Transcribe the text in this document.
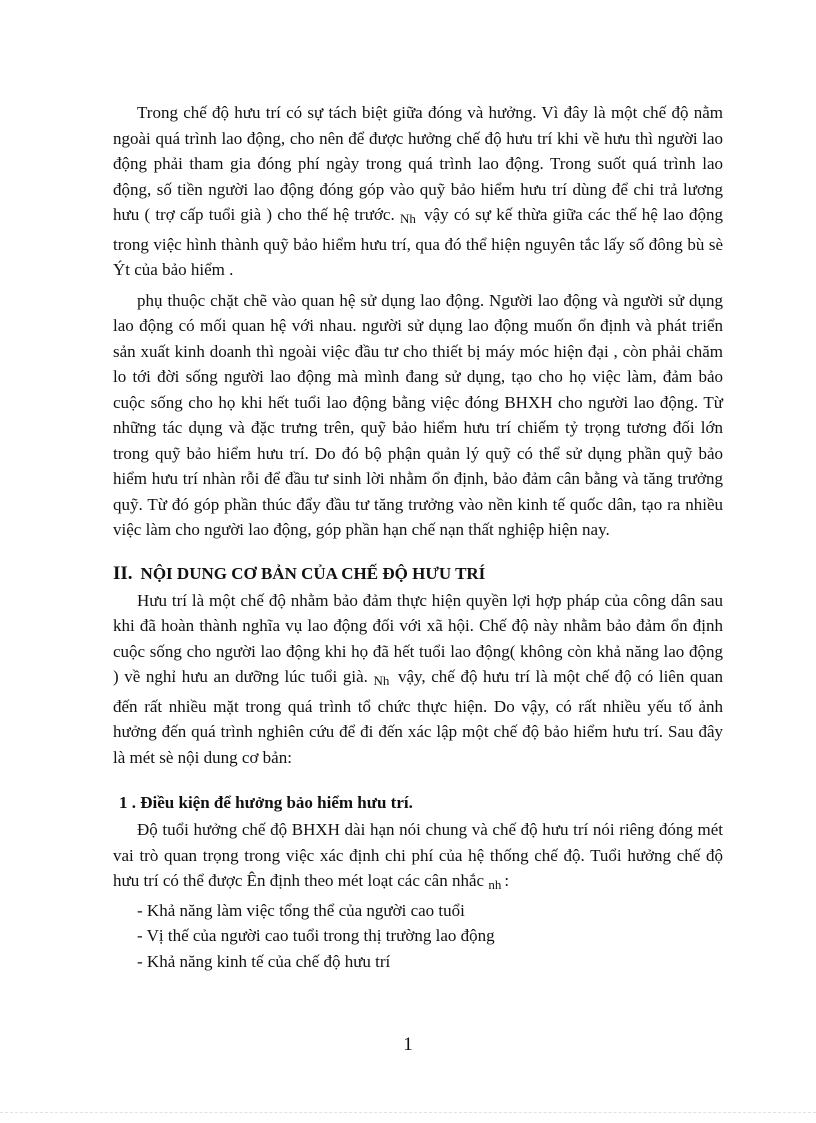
Trong chế độ hưu trí có sự tách biệt giữa đóng và hưởng. Vì đây là một chế độ nằm ngoài quá trình lao động, cho nên để được hưởng chế độ hưu trí khi về hưu thì người lao động phải tham gia đóng phí ngày trong quá trình lao động. Trong suốt quá trình lao động, số tiền người lao động đóng góp vào quỹ bảo hiểm hưu trí dùng để chi trả lương hưu ( trợ cấp tuổi già ) cho thế hệ trước. $_{Nh}$ vậy có sự kế thừa giữa các thế hệ lao động trong việc hình thành quỹ bảo hiểm hưu trí, qua đó thể hiện nguyên tắc lấy số đông bù sè Ýt của bảo hiểm .

phụ thuộc chặt chẽ vào quan hệ sử dụng lao động. Người lao động và người sử dụng lao động có mối quan hệ với nhau. người sử dụng lao động muốn ổn định và phát triển sản xuất kinh doanh thì ngoài việc đầu tư cho thiết bị máy móc hiện đại , còn phải chăm lo tới đời sống người lao động mà mình đang sử dụng, tạo cho họ việc làm, đảm bảo cuộc sống cho họ khi hết tuổi lao động bằng việc đóng BHXH cho người lao động. Từ những tác dụng và đặc trưng trên, quỹ bảo hiểm hưu trí chiếm tỷ trọng tương đối lớn trong quỹ bảo hiểm hưu trí. Do đó bộ phận quản lý quỹ có thể sử dụng phần quỹ bảo hiểm hưu trí nhàn rỗi để đầu tư sinh lời nhằm ổn định, bảo đảm cân bằng và tăng trưởng quỹ. Từ đó góp phần thúc đẩy đầu tư tăng trưởng vào nền kinh tế quốc dân, tạo ra nhiều việc làm cho người lao động, góp phần hạn chế nạn thất nghiệp hiện nay.

II. NỘI DUNG CƠ BẢN CỦA CHẾ ĐỘ HƯU TRÍ

Hưu trí là một chế độ nhằm bảo đảm thực hiện quyền lợi hợp pháp của công dân sau khi đã hoàn thành nghĩa vụ lao động đối với xã hội. Chế độ này nhằm bảo đảm ổn định cuộc sống cho người lao động khi họ đã hết tuổi lao động( không còn khả năng lao động ) về nghỉ hưu an dưỡng lúc tuổi già. $_{Nh}$ vậy, chế độ hưu trí là một chế độ có liên quan đến rất nhiều mặt trong quá trình tổ chức thực hiện. Do vậy, có rất nhiều yếu tố ảnh hưởng đến quá trình nghiên cứu để đi đến xác lập một chế độ bảo hiểm hưu trí. Sau đây là mét sè nội dung cơ bản:

1 . Điều kiện để hưởng bảo hiểm hưu trí.

Độ tuổi hưởng chế độ BHXH dài hạn nói chung và chế độ hưu trí nói riêng đóng mét vai trò quan trọng trong việc xác định chi phí của hệ thống chế độ. Tuổi hưởng chế độ hưu trí có thể được Ên định theo mét loạt các cân nhắc $_{nh}$ :

- Khả năng làm việc tổng thể của người cao tuổi
- Vị thế của người cao tuổi trong thị trường lao động
- Khả năng kinh tế của chế độ hưu trí
1
